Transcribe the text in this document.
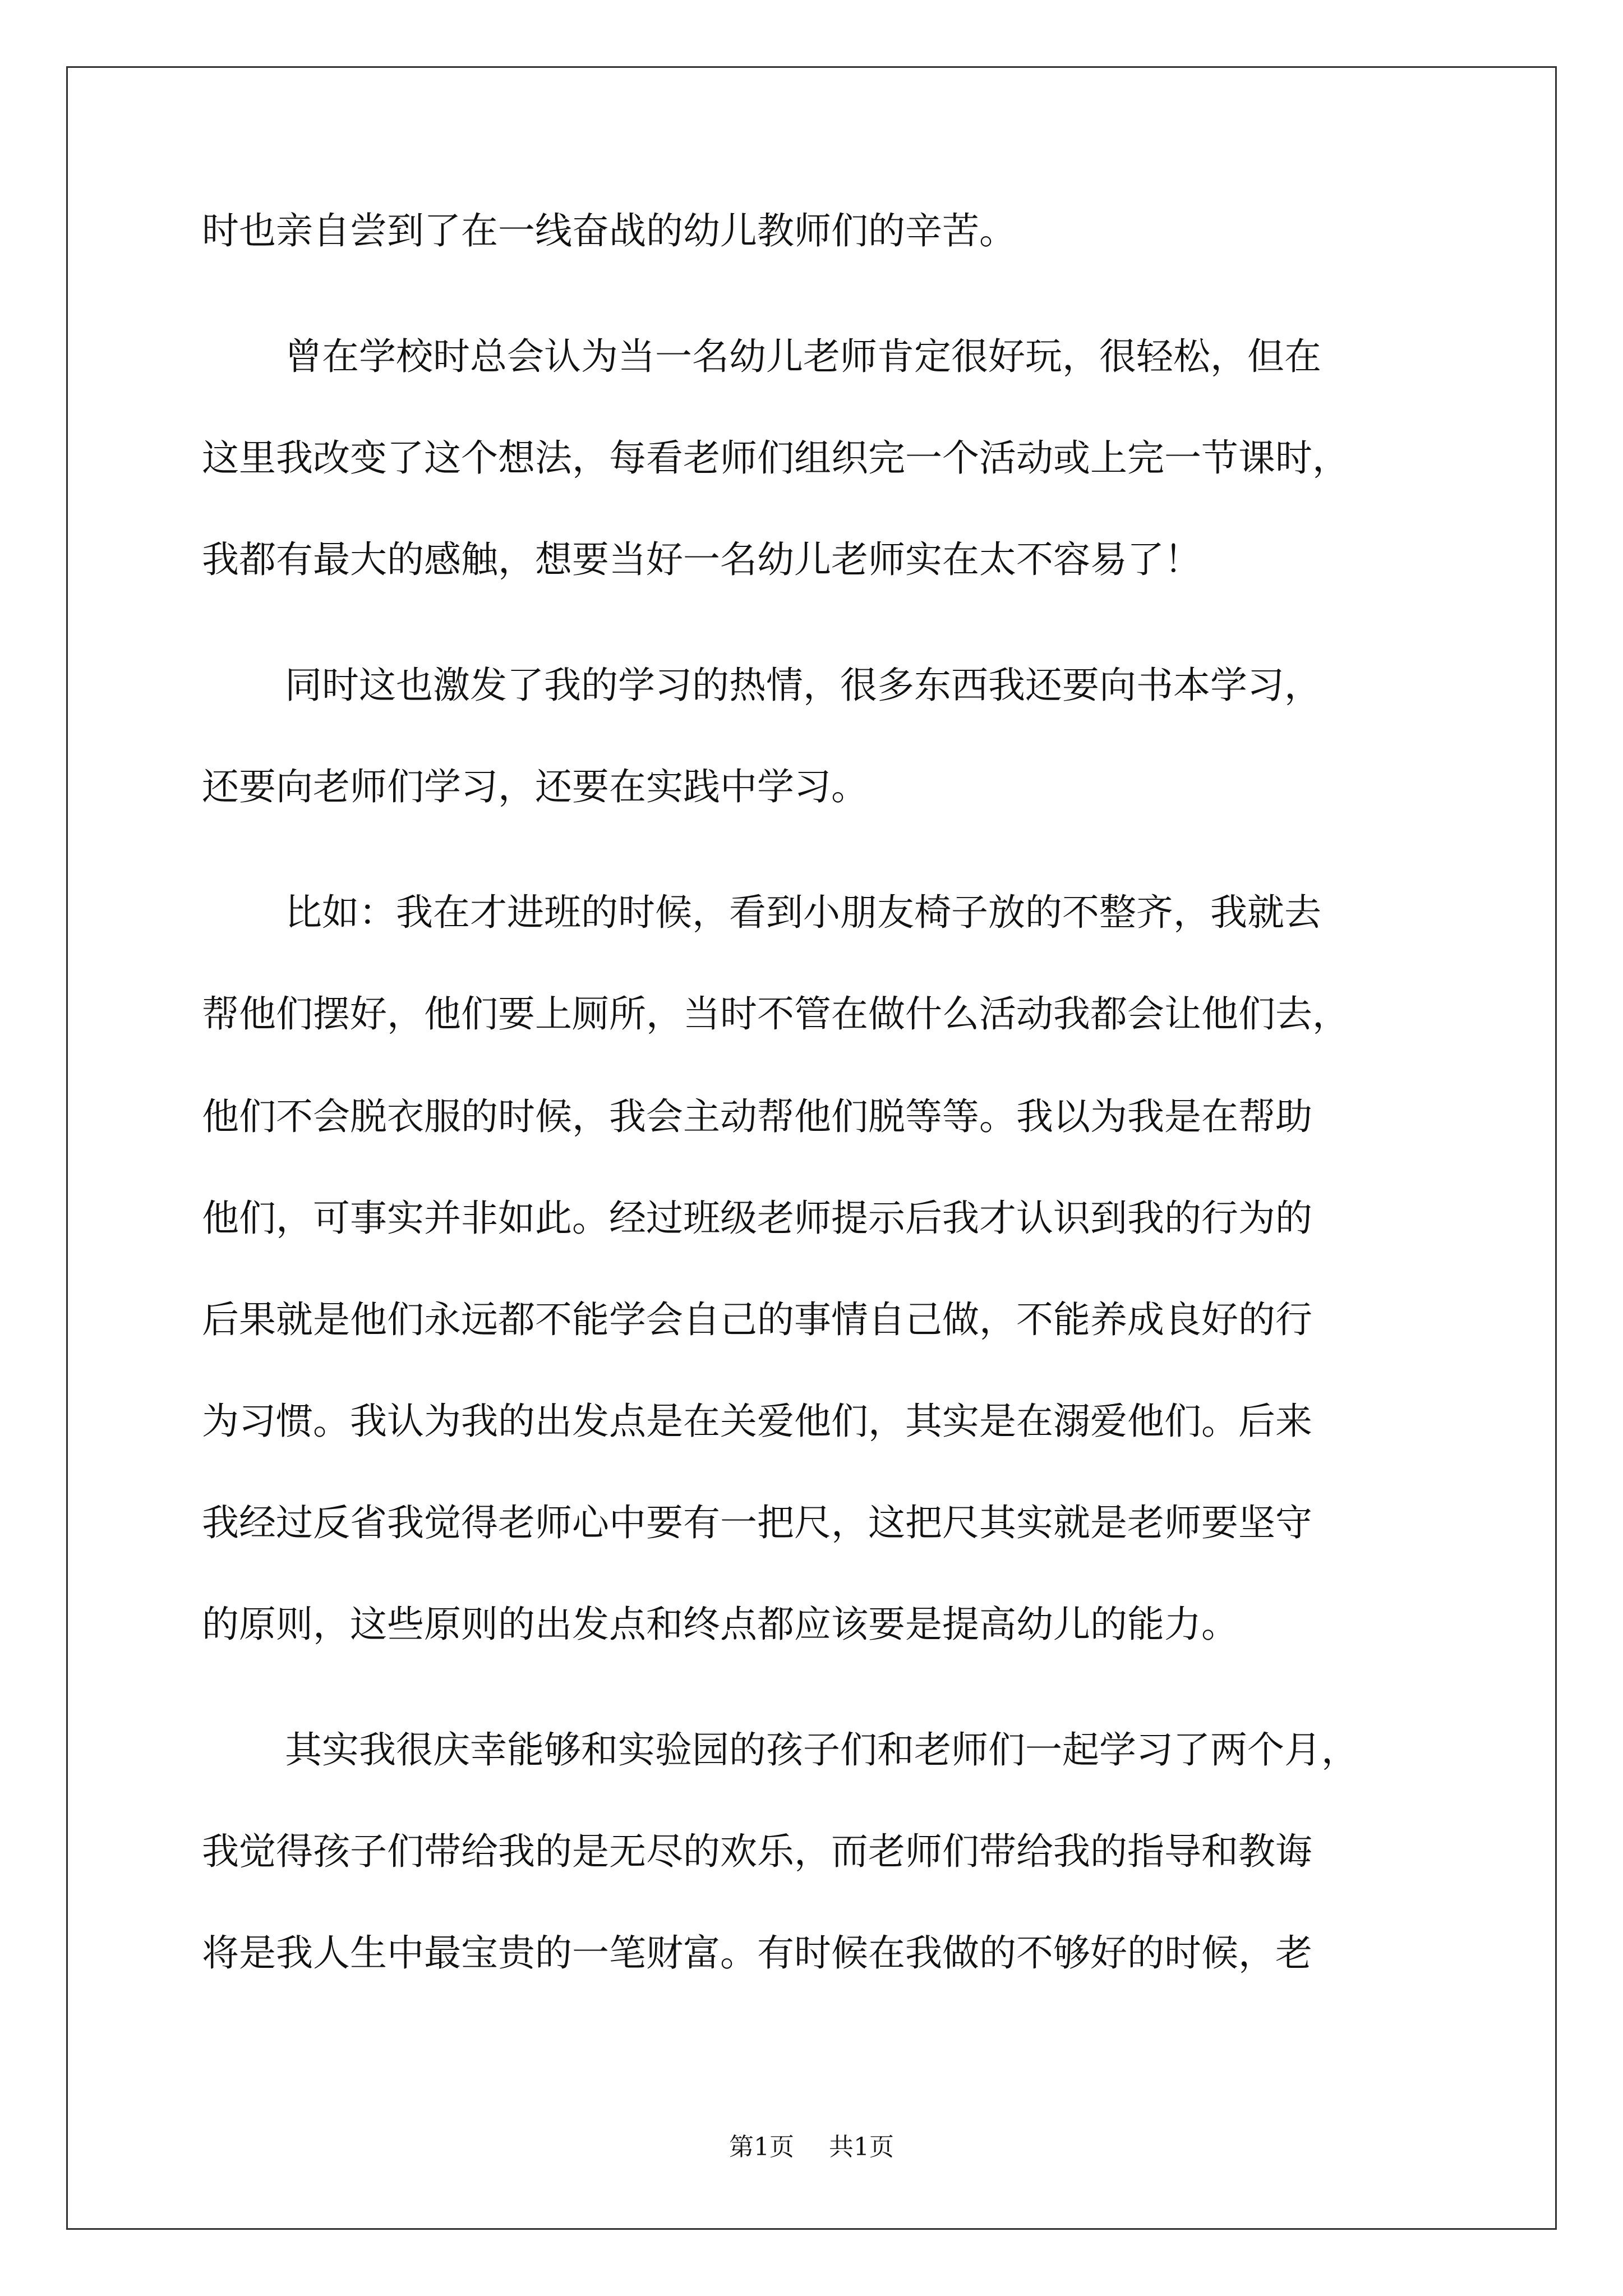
时也亲自尝到了在一线奋战的幼儿教师们的辛苦。
曾在学校时总会认为当一名幼儿老师肯定很好玩，很轻松，但在
这里我改变了这个想法，每看老师们组织完一个活动或上完一节课时，
我都有最大的感触，想要当好一名幼儿老师实在太不容易了！
同时这也激发了我的学习的热情，很多东西我还要向书本学习，
还要向老师们学习，还要在实践中学习。
比如：我在才进班的时候，看到小朋友椅子放的不整齐，我就去
帮他们摆好，他们要上厕所，当时不管在做什么活动我都会让他们去，
他们不会脱衣服的时候，我会主动帮他们脱等等。我以为我是在帮助
他们，可事实并非如此。经过班级老师提示后我才认识到我的行为的
后果就是他们永远都不能学会自己的事情自己做，不能养成良好的行
为习惯。我认为我的出发点是在关爱他们，其实是在溺爱他们。后来
我经过反省我觉得老师心中要有一把尺，这把尺其实就是老师要坚守
的原则，这些原则的出发点和终点都应该要是提高幼儿的能力。
其实我很庆幸能够和实验园的孩子们和老师们一起学习了两个月，
我觉得孩子们带给我的是无尽的欢乐，而老师们带给我的指导和教诲
将是我人生中最宝贵的一笔财富。有时候在我做的不够好的时候，老
第1页 共1页
